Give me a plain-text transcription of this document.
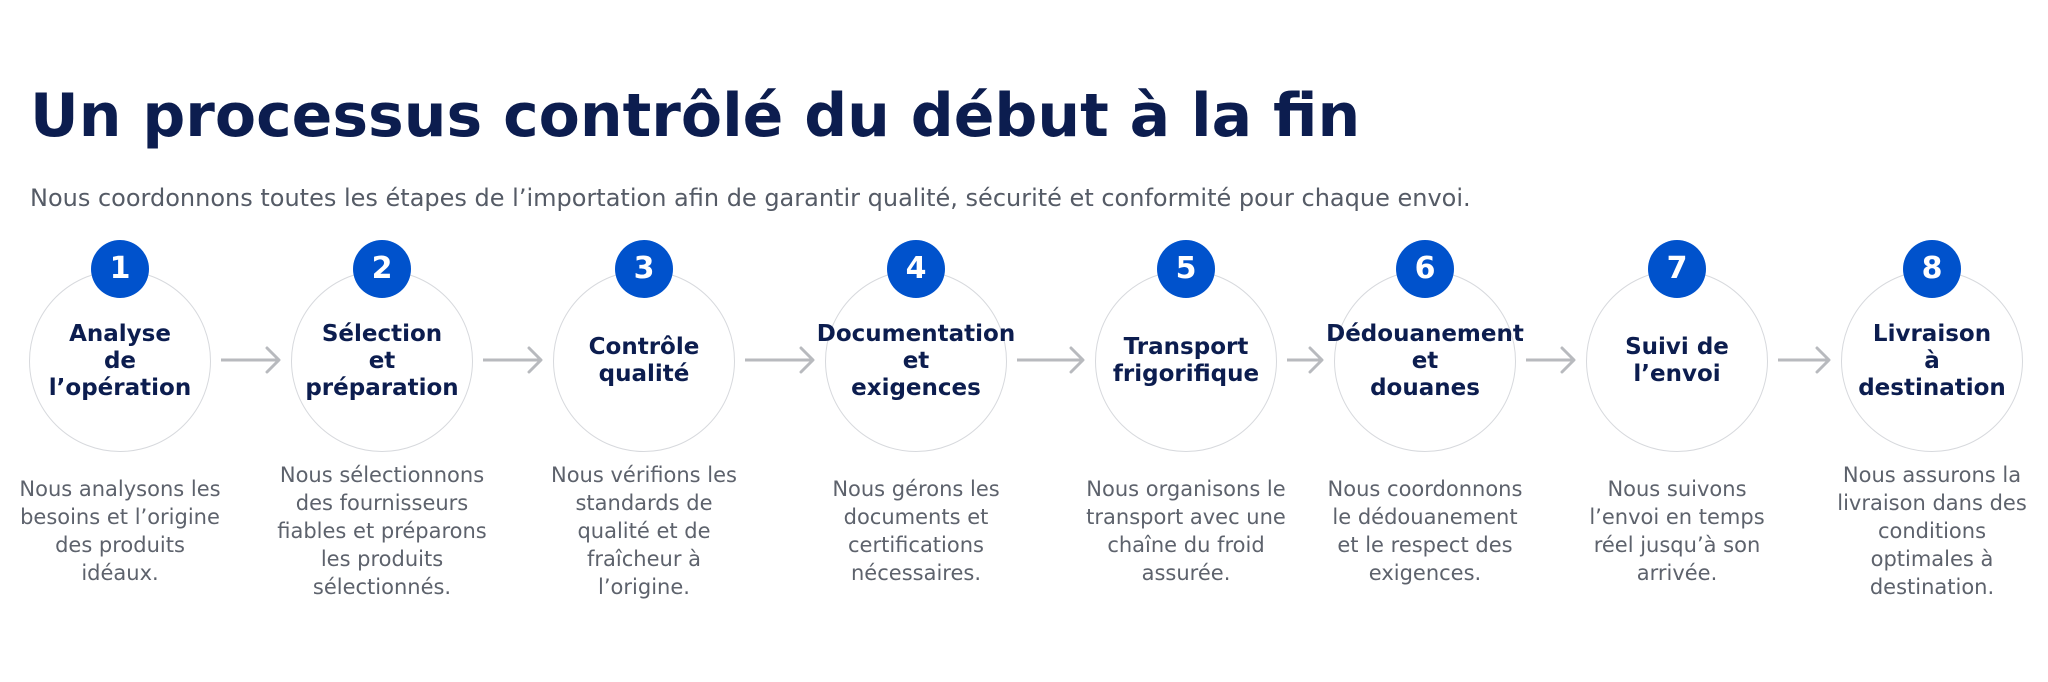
Un processus contrôlé du début à la fin

Nous coordonnons toutes les étapes de l’importation afin de garantir qualité, sécurité et conformité pour chaque envoi.

Analyse
de
l’opération
1
Nous analysons les besoins et l’origine des produits idéaux.
Sélection
et
préparation
2
Nous sélectionnons des fournisseurs fiables et préparons les produits sélectionnés.
Contrôle
qualité
3
Nous vérifions les standards de qualité et de fraîcheur à l’origine.
Documentation
et
exigences
4
Nous gérons les documents et certifications nécessaires.
Transport
frigorifique
5
Nous organisons le transport avec une chaîne du froid assurée.
Dédouanement
et
douanes
6
Nous coordonnons le dédouanement et le respect des exigences.
Suivi de
l’envoi
7
Nous suivons l’envoi en temps réel jusqu’à son arrivée.
Livraison
à
destination
8
Nous assurons la livraison dans des conditions optimales à destination.
